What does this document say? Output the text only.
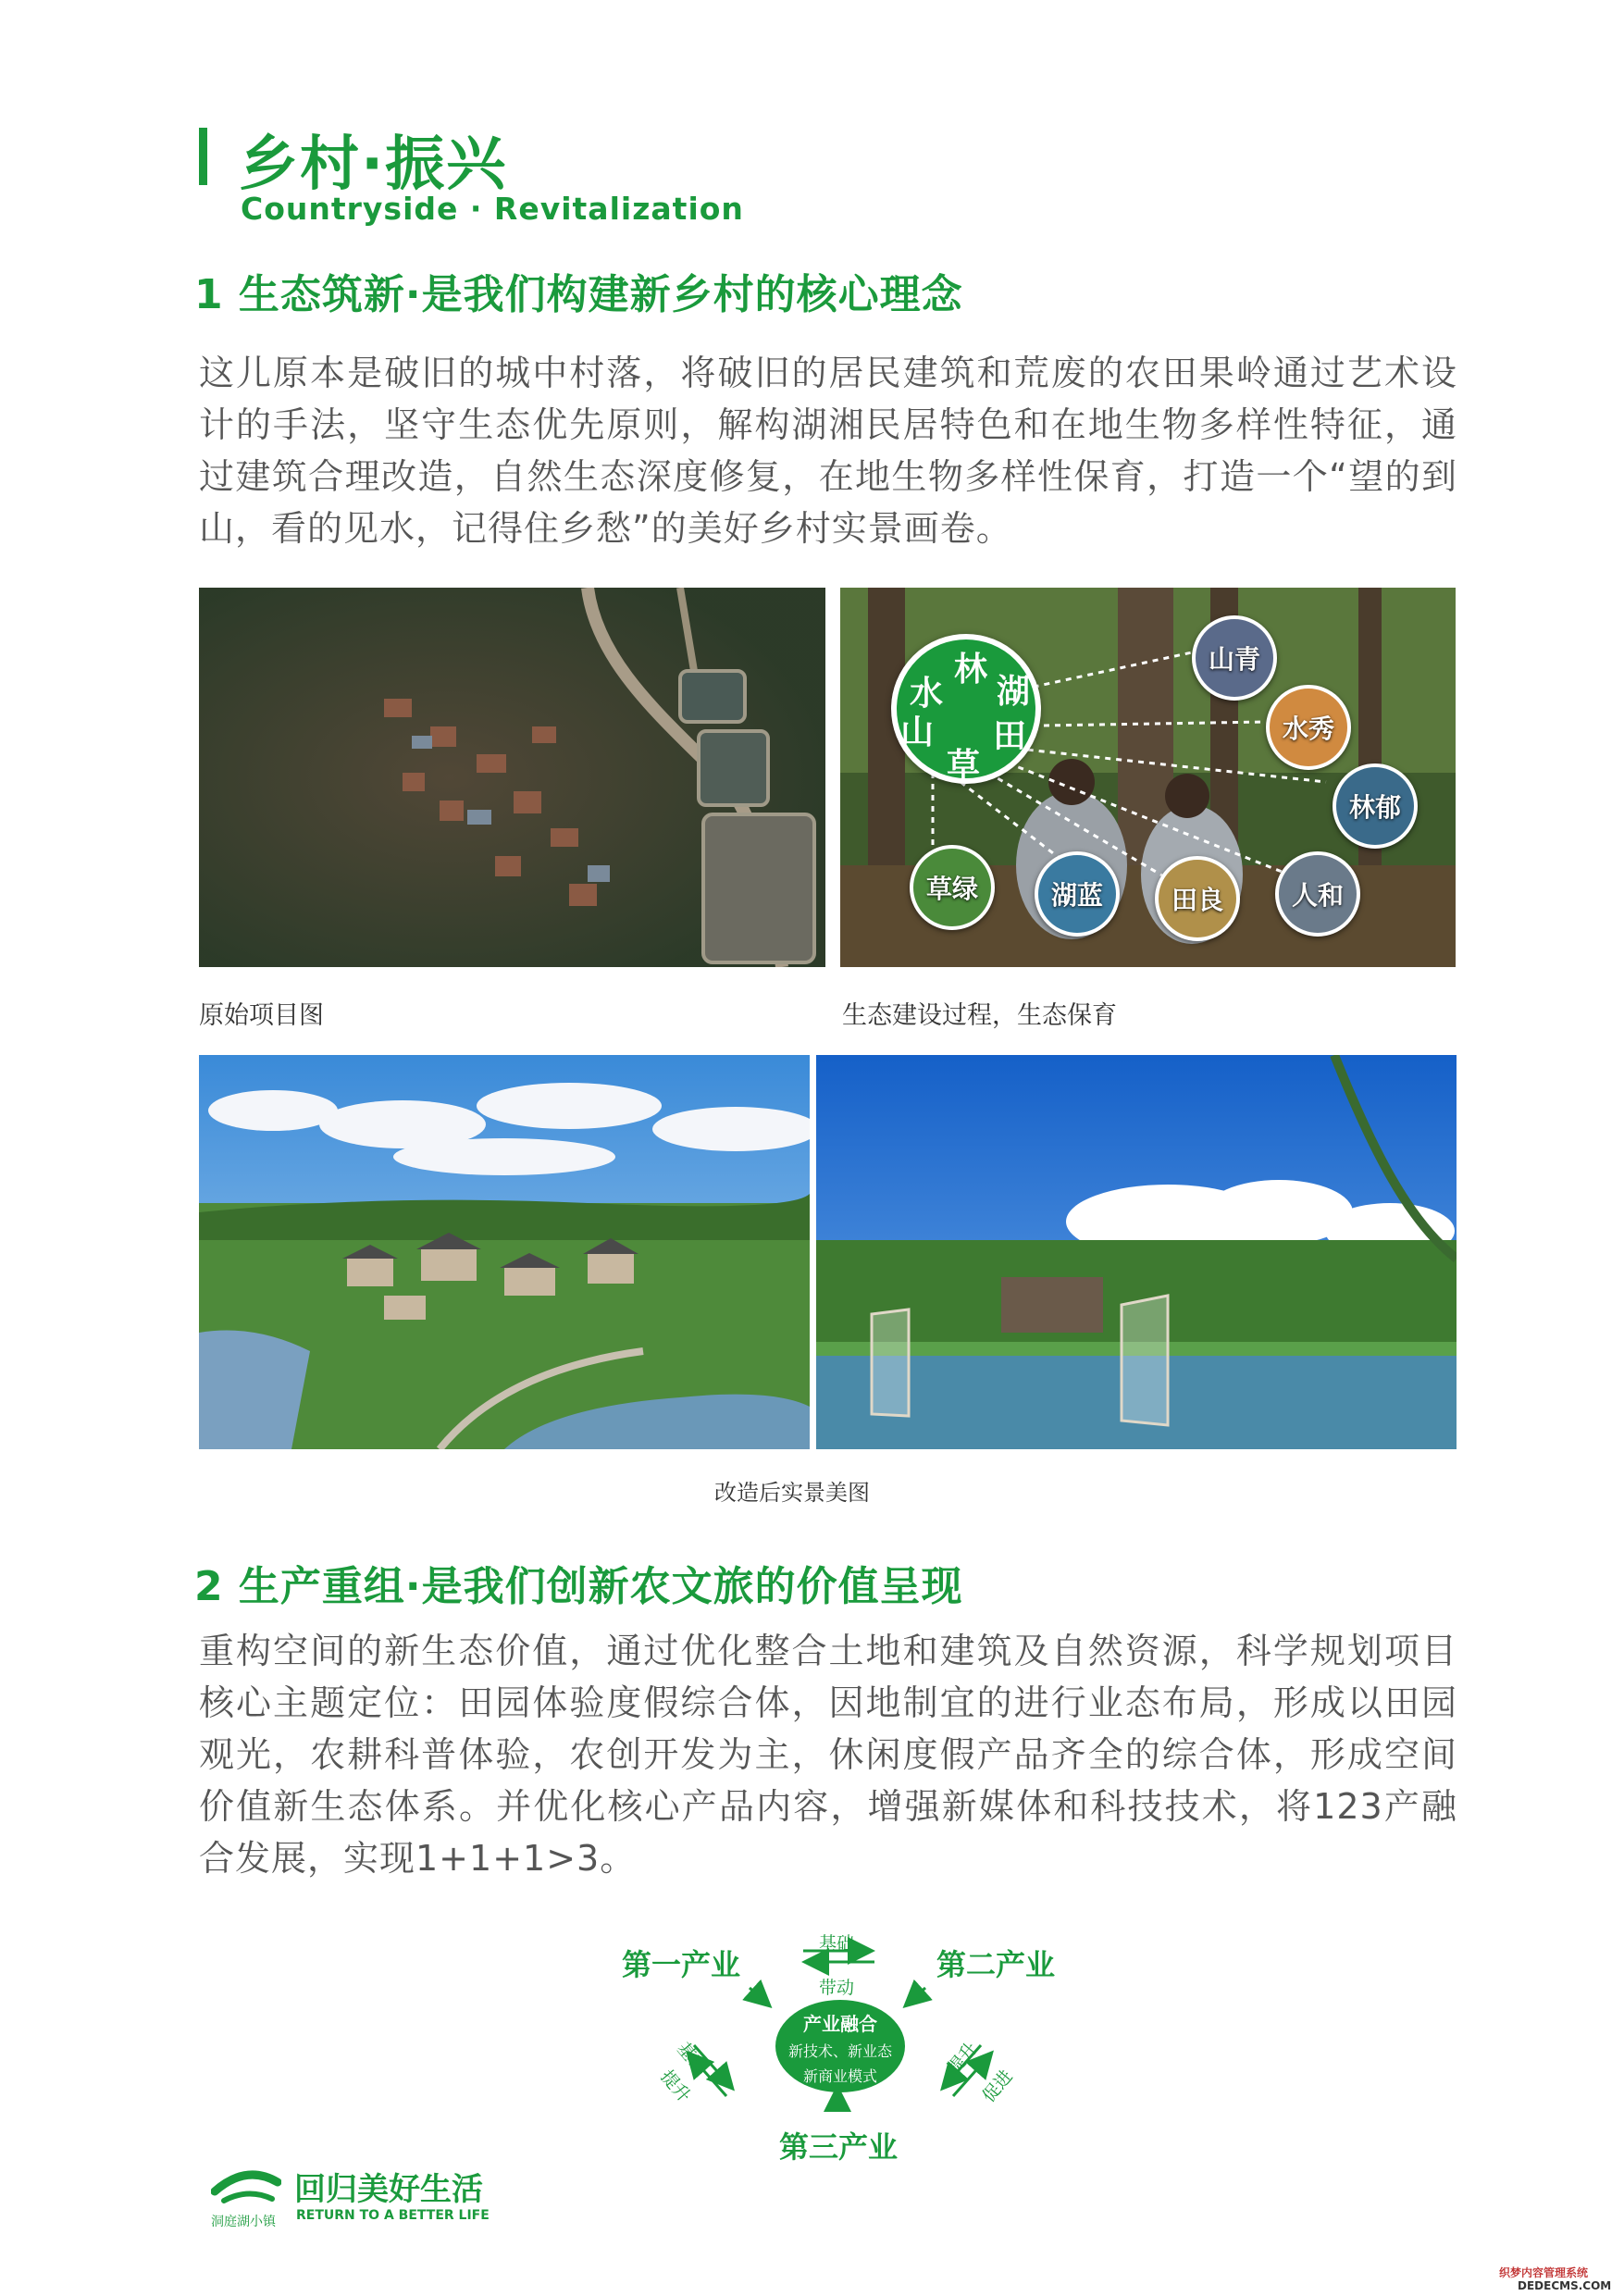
乡村·振兴
Countryside · Revitalization
1 生态筑新·是我们构建新乡村的核心理念
这儿原本是破旧的城中村落，将破旧的居民建筑和荒废的农田果岭通过艺术设计的手法，坚守生态优先原则，解构湖湘民居特色和在地生物多样性特征，通过建筑合理改造，自然生态深度修复，在地生物多样性保育，打造一个“望的到山，看的见水，记得住乡愁”的美好乡村实景画卷。
林
湖
水
山
草
田
山青
水秀
林郁
草绿	湖蓝	田良	人和
原始项目图	生态建设过程，生态保育
改造后实景美图
2 生产重组·是我们创新农文旅的价值呈现
重构空间的新生态价值，通过优化整合土地和建筑及自然资源，科学规划项目核心主题定位：田园体验度假综合体，因地制宜的进行业态布局，形成以田园观光，农耕科普体验，农创开发为主，休闲度假产品齐全的综合体，形成空间价值新生态体系。并优化核心产品内容，增强新媒体和科技技术，将123产融合发展，实现1+1+1>3。
第一产业	第二产业
第三产业
基础
带动
基础
提升
提升
促进
产业融合
新技术、新业态
新商业模式
洞庭湖小镇
回归美好生活
RETURN TO A BETTER LIFE
织梦内容管理系统
DEDECMS.COM
